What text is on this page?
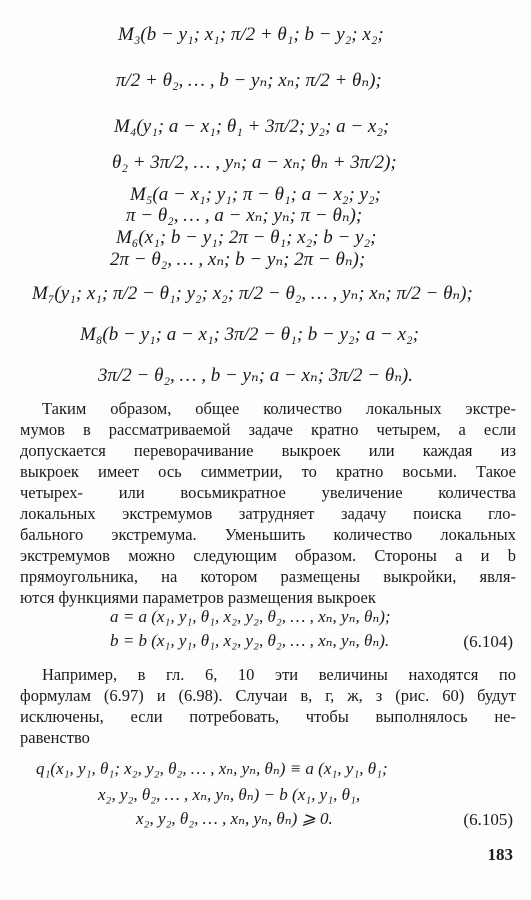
M₃(b − y₁; x₁; π/2 + θ₁; b − y₂; x₂;
π/2 + θ₂, … , b − yₙ; xₙ; π/2 + θₙ);
M₄(y₁; a − x₁; θ₁ + 3π/2; y₂; a − x₂;
θ₂ + 3π/2, … , yₙ; a − xₙ; θₙ + 3π/2);
M₅(a − x₁; y₁; π − θ₁; a − x₂; y₂;
π − θ₂, … , a − xₙ; yₙ; π − θₙ);
M₆(x₁; b − y₁; 2π − θ₁; x₂; b − y₂;
2π − θ₂, … , xₙ; b − yₙ; 2π − θₙ);
M₇(y₁; x₁; π/2 − θ₁; y₂; x₂; π/2 − θ₂, … , yₙ; xₙ; π/2 − θₙ);
M₈(b − y₁; a − x₁; 3π/2 − θ₁; b − y₂; a − x₂;
3π/2 − θ₂, … , b − yₙ; a − xₙ; 3π/2 − θₙ).
Таким образом, общее количество локальных экстре-
мумов в рассматриваемой задаче кратно четырем, а если
допускается переворачивание выкроек или каждая из
выкроек имеет ось симметрии, то кратно восьми. Такое
четырех- или восьмикратное увеличение количества
локальных экстремумов затрудняет задачу поиска гло-
бального экстремума. Уменьшить количество локальных
экстремумов можно следующим образом. Стороны a и b
прямоугольника, на котором размещены выкройки, явля-
ются функциями параметров размещения выкроек
a = a (x₁, y₁, θ₁, x₂, y₂, θ₂, … , xₙ, yₙ, θₙ);
b = b (x₁, y₁, θ₁, x₂, y₂, θ₂, … , xₙ, yₙ, θₙ).	(6.104)
Например, в гл. 6, 10 эти величины находятся по
формулам (6.97) и (6.98). Случаи в, г, ж, з (рис. 60) будут
исключены, если потребовать, чтобы выполнялось не-
равенство
q₁(x₁, y₁, θ₁; x₂, y₂, θ₂, … , xₙ, yₙ, θₙ) ≡ a (x₁, y₁, θ₁;
x₂, y₂, θ₂, … , xₙ, yₙ, θₙ) − b (x₁, y₁, θ₁,
x₂, y₂, θ₂, … , xₙ, yₙ, θₙ) ⩾ 0.	(6.105)
183
